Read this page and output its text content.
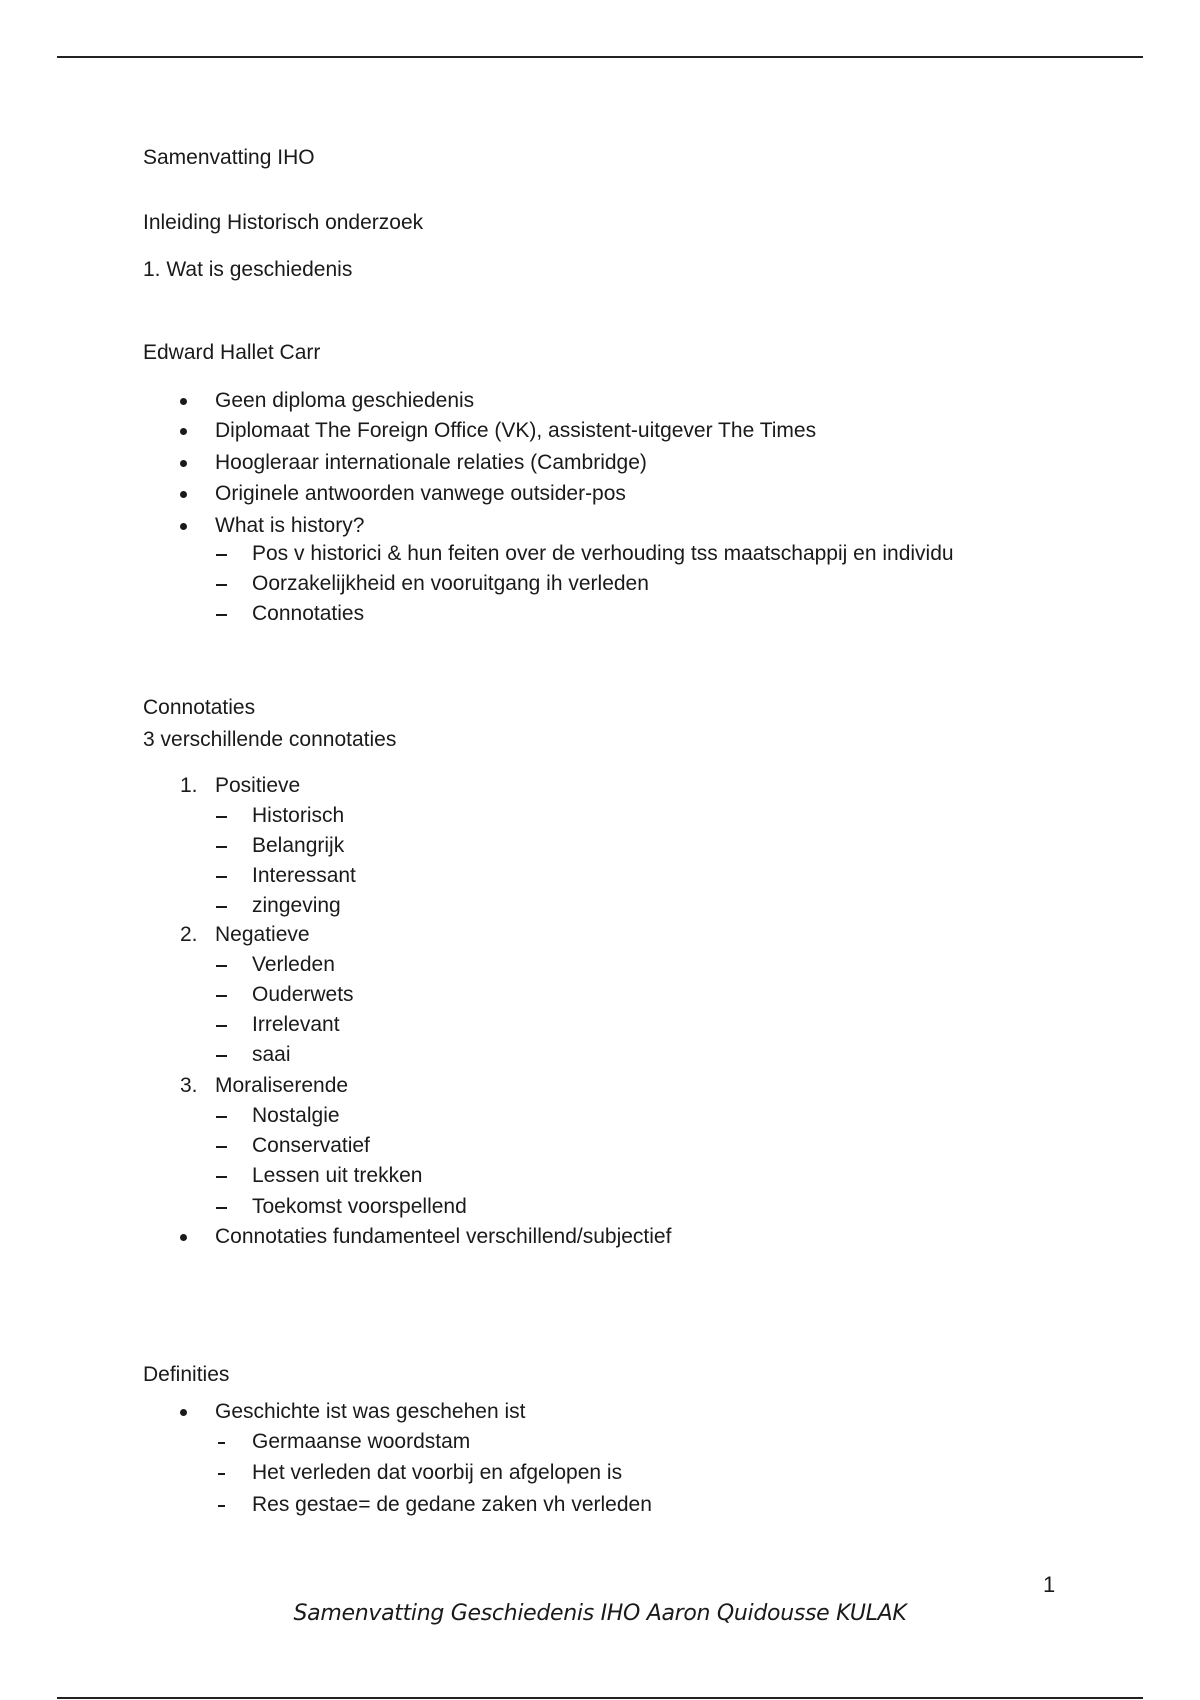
Samenvatting IHO
Inleiding Historisch onderzoek
1. Wat is geschiedenis
Edward Hallet Carr
Geen diploma geschiedenis
Diplomaat The Foreign Office (VK), assistent-uitgever The Times
Hoogleraar internationale relaties (Cambridge)
Originele antwoorden vanwege outsider-pos
What is history?
Pos v historici & hun feiten over de verhouding tss maatschappij en individu
Oorzakelijkheid en vooruitgang ih verleden
Connotaties
Connotaties
3 verschillende connotaties
1. Positieve
Historisch
Belangrijk
Interessant
zingeving
2. Negatieve
Verleden
Ouderwets
Irrelevant
saai
3. Moraliserende
Nostalgie
Conservatief
Lessen uit trekken
Toekomst voorspellend
Connotaties fundamenteel verschillend/subjectief
Definities
Geschichte ist was geschehen ist
Germaanse woordstam
Het verleden dat voorbij en afgelopen is
Res gestae= de gedane zaken vh verleden
1
Samenvatting Geschiedenis IHO Aaron Quidousse KULAK
